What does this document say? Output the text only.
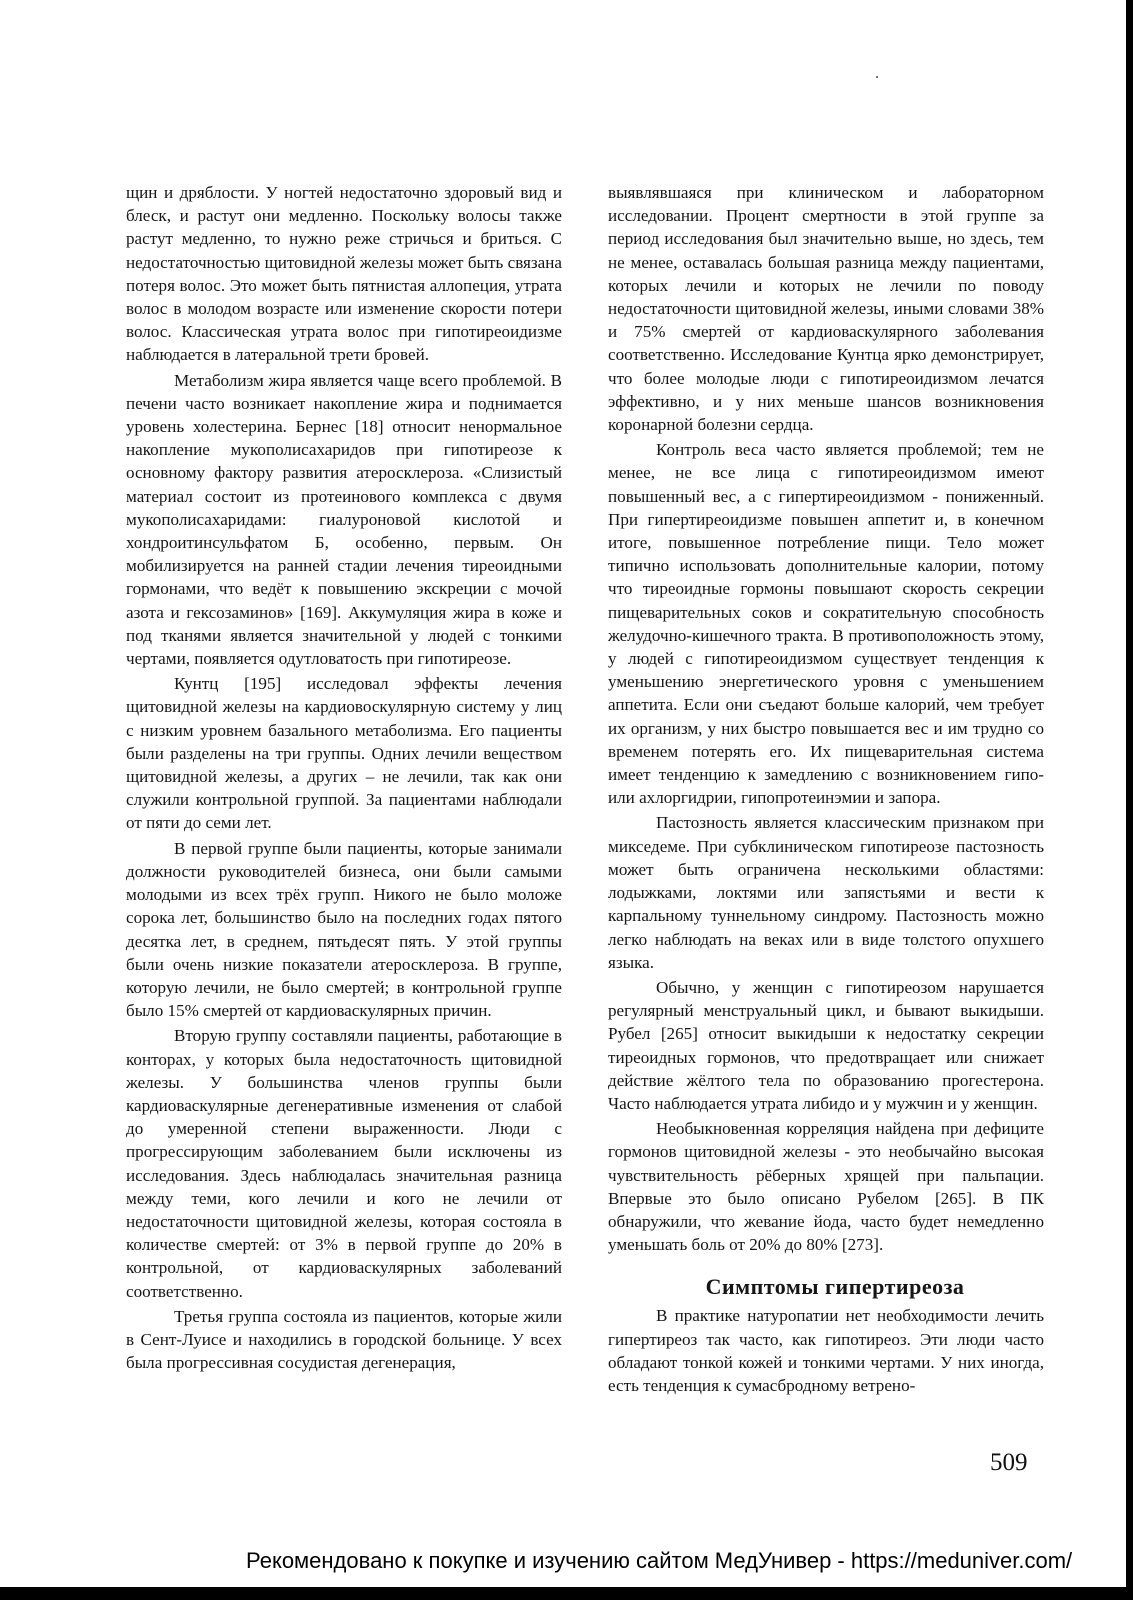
щин и дряблости. У ногтей недостаточно здоровый вид и блеск, и растут они медленно. Поскольку волосы также растут медленно, то нужно реже стричься и бриться. С недостаточностью щитовидной железы может быть связана потеря волос. Это может быть пятнистая аллопеция, утрата волос в молодом возрасте или изменение скорости потери волос. Классическая утрата волос при гипотиреоидизме наблюдается в латеральной трети бровей.

Метаболизм жира является чаще всего проблемой. В печени часто возникает накопление жира и поднимается уровень холестерина. Бернес [18] относит ненормальное накопление мукополисахаридов при гипотиреозе к основному фактору развития атеросклероза. «Слизистый материал состоит из протеинового комплекса с двумя мукополисахаридами: гиалуроновой кислотой и хондроитинсульфатом Б, особенно, первым. Он мобилизируется на ранней стадии лечения тиреоидными гормонами, что ведёт к повышению экскреции с мочой азота и гексозаминов» [169]. Аккумуляция жира в коже и под тканями является значительной у людей с тонкими чертами, появляется одутловатость при гипотиреозе.

Кунтц [195] исследовал эффекты лечения щитовидной железы на кардиовоскулярную систему у лиц с низким уровнем базального метаболизма. Его пациенты были разделены на три группы. Одних лечили веществом щитовидной железы, а других – не лечили, так как они служили контрольной группой. За пациентами наблюдали от пяти до семи лет.

В первой группе были пациенты, которые занимали должности руководителей бизнеса, они были самыми молодыми из всех трёх групп. Никого не было моложе сорока лет, большинство было на последних годах пятого десятка лет, в среднем, пятьдесят пять. У этой группы были очень низкие показатели атеросклероза. В группе, которую лечили, не было смертей; в контрольной группе было 15% смертей от кардиоваскулярных причин.

Вторую группу составляли пациенты, работающие в конторах, у которых была недостаточность щитовидной железы. У большинства членов группы были кардиоваскулярные дегенеративные изменения от слабой до умеренной степени выраженности. Люди с прогрессирующим заболеванием были исключены из исследования. Здесь наблюдалась значительная разница между теми, кого лечили и кого не лечили от недостаточности щитовидной железы, которая состояла в количестве смертей: от 3% в первой группе до 20% в контрольной, от кардиоваскулярных заболеваний соответственно.

Третья группа состояла из пациентов, которые жили в Сент-Луисе и находились в городской больнице. У всех была прогрессивная сосудистая дегенерация,

выявлявшаяся при клиническом и лабораторном исследовании. Процент смертности в этой группе за период исследования был значительно выше, но здесь, тем не менее, оставалась большая разница между пациентами, которых лечили и которых не лечили по поводу недостаточности щитовидной железы, иными словами 38% и 75% смертей от кардиоваскулярного заболевания соответственно. Исследование Кунтца ярко демонстрирует, что более молодые люди с гипотиреоидизмом лечатся эффективно, и у них меньше шансов возникновения коронарной болезни сердца.

Контроль веса часто является проблемой; тем не менее, не все лица с гипотиреоидизмом имеют повышенный вес, а с гипертиреоидизмом - пониженный. При гипертиреоидизме повышен аппетит и, в конечном итоге, повышенное потребление пищи. Тело может типично использовать дополнительные калории, потому что тиреоидные гормоны повышают скорость секреции пищеварительных соков и сократительную способность желудочно-кишечного тракта. В противоположность этому, у людей с гипотиреоидизмом существует тенденция к уменьшению энергетического уровня с уменьшением аппетита. Если они съедают больше калорий, чем требует их организм, у них быстро повышается вес и им трудно со временем потерять его. Их пищеварительная система имеет тенденцию к замедлению с возникновением гипо- или ахлоргидрии, гипопротеинэмии и запора.

Пастозность является классическим признаком при микседеме. При субклиническом гипотиреозе пастозность может быть ограничена несколькими областями: лодыжками, локтями или запястьями и вести к карпальному туннельному синдрому. Пастозность можно легко наблюдать на веках или в виде толстого опухшего языка.

Обычно, у женщин с гипотиреозом нарушается регулярный менструальный цикл, и бывают выкидыши. Рубел [265] относит выкидыши к недостатку секреции тиреоидных гормонов, что предотвращает или снижает действие жёлтого тела по образованию прогестерона. Часто наблюдается утрата либидо и у мужчин и у женщин.

Необыкновенная корреляция найдена при дефиците гормонов щитовидной железы - это необычайно высокая чувствительность рёберных хрящей при пальпации. Впервые это было описано Рубелом [265]. В ПК обнаружили, что жевание йода, часто будет немедленно уменьшать боль от 20% до 80% [273].

Симптомы гипертиреоза

В практике натуропатии нет необходимости лечить гипертиреоз так часто, как гипотиреоз. Эти люди часто обладают тонкой кожей и тонкими чертами. У них иногда, есть тенденция к сумасбродному ветрено-

509
Рекомендовано к покупке и изучению сайтом МедУнивер - https://meduniver.com/
